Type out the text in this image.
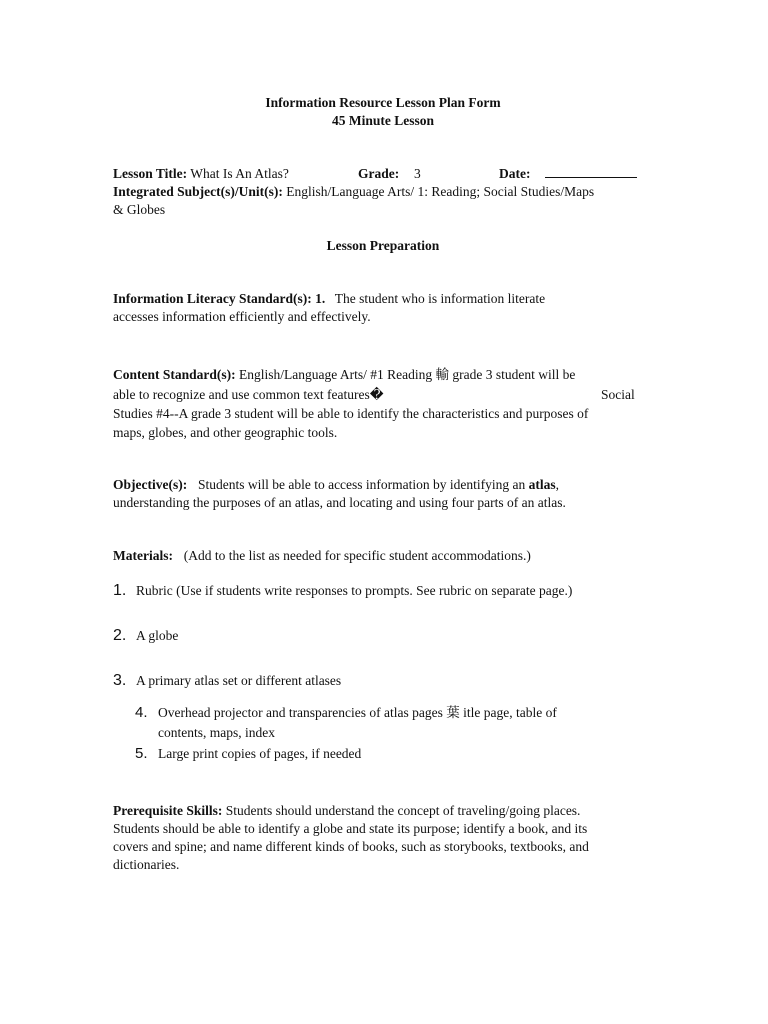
Information Resource Lesson Plan Form
45 Minute Lesson
Lesson Title: What Is An Atlas?	Grade: 3	Date:
Integrated Subject(s)/Unit(s): English/Language Arts/ 1: Reading; Social Studies/Maps
& Globes
Lesson Preparation
Information Literacy Standard(s): 1. The student who is information literate
accesses information efficiently and effectively.
Content Standard(s): English/Language Arts/ #1 Reading 輸 grade 3 student will be
able to recognize and use common text features�	Social
Studies #4--A grade 3 student will be able to identify the characteristics and purposes of
maps, globes, and other geographic tools.
Objective(s): Students will be able to access information by identifying an atlas,
understanding the purposes of an atlas, and locating and using four parts of an atlas.
Materials: (Add to the list as needed for specific student accommodations.)
1. Rubric (Use if students write responses to prompts. See rubric on separate page.)
2. A globe
3. A primary atlas set or different atlases
4. Overhead projector and transparencies of atlas pages 葉 itle page, table of
contents, maps, index
5. Large print copies of pages, if needed
Prerequisite Skills: Students should understand the concept of traveling/going places.
Students should be able to identify a globe and state its purpose; identify a book, and its
covers and spine; and name different kinds of books, such as storybooks, textbooks, and
dictionaries.
